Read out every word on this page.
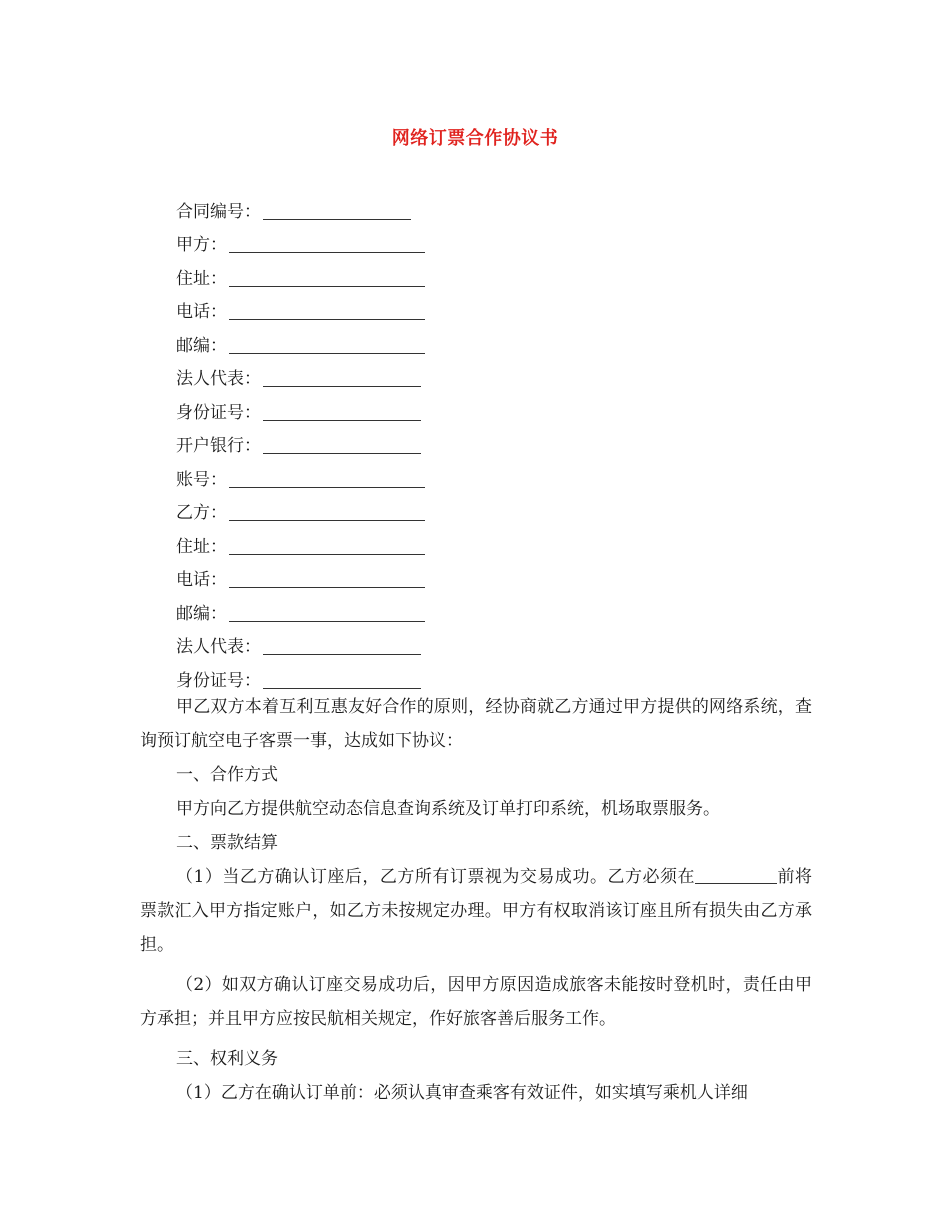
网络订票合作协议书
合同编号：
甲方：
住址：
电话：
邮编：
法人代表：
身份证号：
开户银行：
账号：
乙方：
住址：
电话：
邮编：
法人代表：
身份证号：

甲乙双方本着互利互惠友好合作的原则，经协商就乙方通过甲方提供的网络系统，查询预订航空电子客票一事，达成如下协议：

一、合作方式

甲方向乙方提供航空动态信息查询系统及订单打印系统，机场取票服务。

二、票款结算

（1）当乙方确认订座后，乙方所有订票视为交易成功。乙方必须在	前将票款汇入甲方指定账户，如乙方未按规定办理。甲方有权取消该订座且所有损失由乙方承担。

（2）如双方确认订座交易成功后，因甲方原因造成旅客未能按时登机时，责任由甲方承担；并且甲方应按民航相关规定，作好旅客善后服务工作。

三、权利义务

（1）乙方在确认订单前：必须认真审查乘客有效证件，如实填写乘机人详细
